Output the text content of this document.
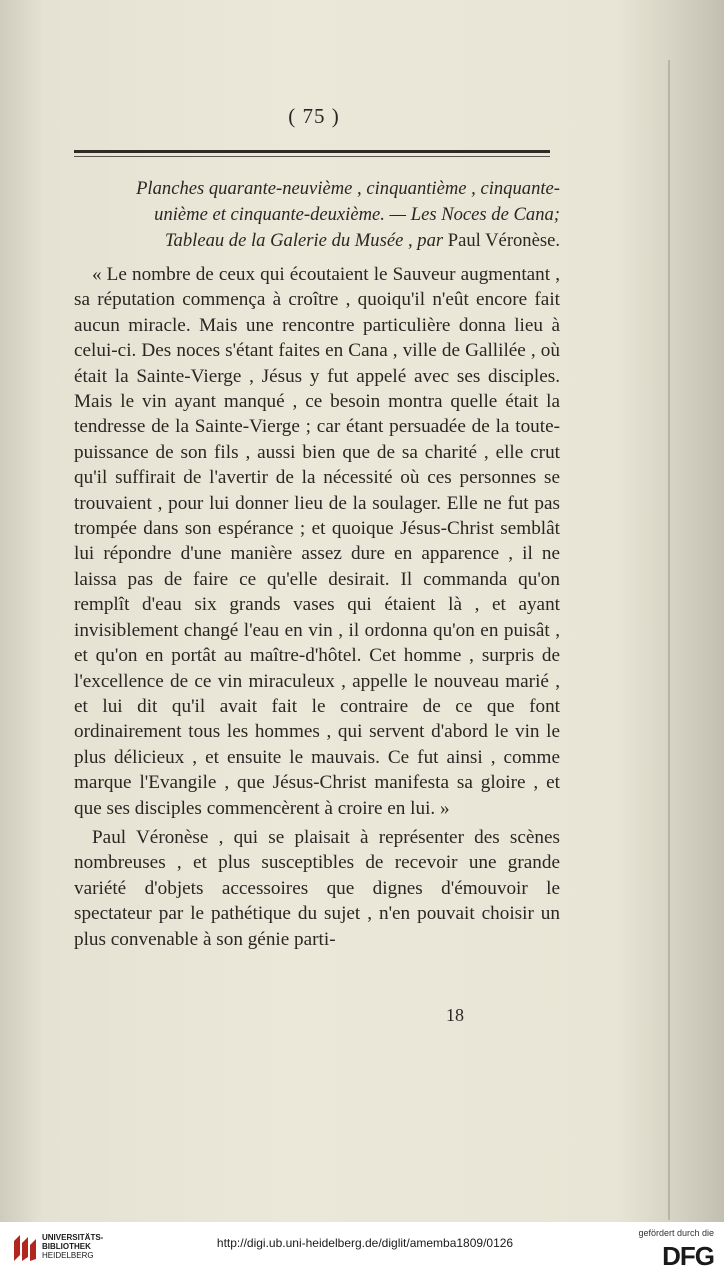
( 75 )
Planches quarante-neuvième , cinquantième , cinquante-
unième et cinquante-deuxième. — Les Noces de Cana;
Tableau de la Galerie du Musée , par Paul Véronèse.

« Le nombre de ceux qui écoutaient le Sauveur augmentant , sa réputation commença à croître , quoiqu'il n'eût encore fait aucun miracle. Mais une rencontre particulière donna lieu à celui-ci. Des noces s'étant faites en Cana , ville de Gallilée , où était la Sainte-Vierge , Jésus y fut appelé avec ses disciples. Mais le vin ayant manqué , ce besoin montra quelle était la tendresse de la Sainte-Vierge ; car étant persuadée de la toute-puissance de son fils , aussi bien que de sa charité , elle crut qu'il suffirait de l'avertir de la nécessité où ces personnes se trouvaient , pour lui donner lieu de la soulager. Elle ne fut pas trompée dans son espérance ; et quoique Jésus-Christ semblât lui répondre d'une manière assez dure en apparence , il ne laissa pas de faire ce qu'elle desirait. Il commanda qu'on remplît d'eau six grands vases qui étaient là , et ayant invisiblement changé l'eau en vin , il ordonna qu'on en puisât , et qu'on en portât au maître-d'hôtel. Cet homme , surpris de l'excellence de ce vin miraculeux , appelle le nouveau marié , et lui dit qu'il avait fait le contraire de ce que font ordinairement tous les hommes , qui servent d'abord le vin le plus délicieux , et ensuite le mauvais. Ce fut ainsi , comme marque l'Evangile , que Jésus-Christ manifesta sa gloire , et que ses disciples commencèrent à croire en lui. »

Paul Véronèse , qui se plaisait à représenter des scènes nombreuses , et plus susceptibles de recevoir une grande variété d'objets accessoires que dignes d'émouvoir le spectateur par le pathétique du sujet , n'en pouvait choisir un plus convenable à son génie parti-

18
UNIVERSITÄTS-
BIBLIOTHEK
HEIDELBERG
http://digi.ub.uni-heidelberg.de/diglit/amemba1809/0126
gefördert durch die
DFG
